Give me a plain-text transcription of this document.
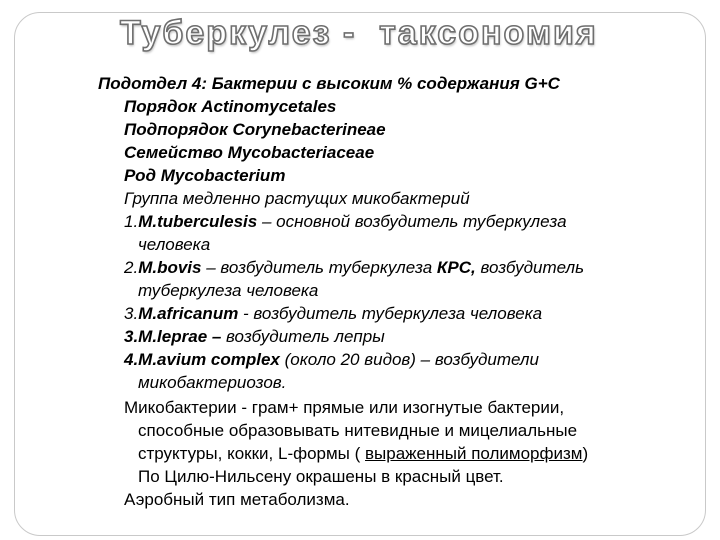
Туберкулез -  таксономия

Подотдел 4: Бактерии с высоким % содержания G+C

Порядок Actinomycetales

Подпорядок Corynebacterineae

Семейство Mycobacteriaceae

Род Mycobacterium

Группа медленно растущих микобактерий

1.M.tuberculesis – основной возбудитель туберкулеза

человека

2.M.bovis – возбудитель туберкулеза КРС, возбудитель

туберкулеза человека

3.M.africanum - возбудитель туберкулеза человека

3.M.leprae – возбудитель лепры

4.M.avium complex (около 20 видов) – возбудители

микобактериозов.

Микобактерии - грам+ прямые или изогнутые бактерии,

способные образовывать нитевидные и мицелиальные

структуры, кокки, L-формы ( выраженный полиморфизм)

По Цилю-Нильсену окрашены в красный цвет.

Аэробный тип метаболизма.
